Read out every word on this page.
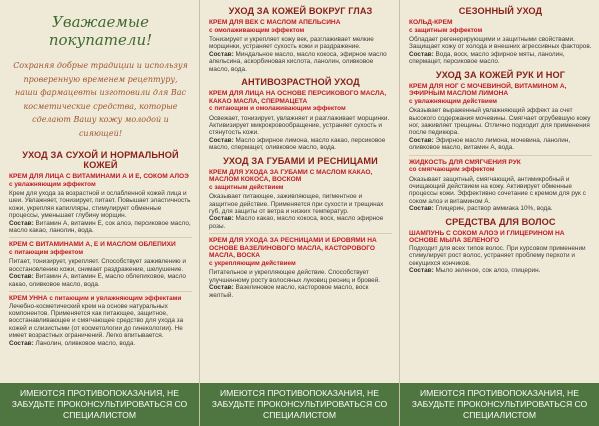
Уважаемые покупатели!
Сохраняя добрые традиции и используя проверенную временем рецептуру, наши фармацевты изготовили для Вас косметические средства, которые сделают Вашу кожу молодой и сияющей!
УХОД ЗА СУХОЙ И НОРМАЛЬНОЙ КОЖЕЙ
КРЕМ ДЛЯ ЛИЦА С ВИТАМИНАМИ А И Е, СОКОМ АЛОЭ
с увлажняющим эффектом
Крем для ухода за возрастной и ослабленной кожей лица и шеи. Увлажняет, тонизирует, питает. Повышает эластичность кожи, укрепляя капилляры, стимулирует обменные процессы, уменьшает глубину морщин.
Состав: Витамин А, витамин Е, сок алоэ, персиковое масло, масло какао, ланолин, вода.
КРЕМ С ВИТАМИНАМИ А, Е И МАСЛОМ ОБЛЕПИХИ
с питающим эффектом
Питает, тонизирует, укрепляет. Способствует заживлению и восстановлению кожи, снимает раздражение, шелушение.
Состав: Витамин А, витамин Е, масло облепиховое, масло какао, оливковое масло, вода.
КРЕМ УННА с питающим и увлажняющим эффектами
Лечебно-косметический крем на основе натуральных компонентов. Применяется как питающее, защитное, восстанавливающее и смягчающее средство для ухода за кожей и слизистыми (от косметологии до гинекологии). Не имеет возрастных ограничений. Легко впитывается.
Состав: Ланолин, оливковое масло, вода.
ИМЕЮТСЯ ПРОТИВОПОКАЗАНИЯ, НЕ ЗАБУДЬТЕ ПРОКОНСУЛЬТИРОВАТЬСЯ СО СПЕЦИАЛИСТОМ
УХОД ЗА КОЖЕЙ ВОКРУГ ГЛАЗ
КРЕМ ДЛЯ ВЕК С МАСЛОМ АПЕЛЬСИНА
с омолаживающим эффектом
Тонизирует и укрепляет кожу век, разглаживает мелкие морщинки, устраняет сухость кожи и раздражение.
Состав: Миндальное масло, масло кокоса, эфирное масло апельсина, аскорбиновая кислота, ланолин, оливковое масло, вода.
АНТИВОЗРАСТНОЙ УХОД
КРЕМ ДЛЯ ЛИЦА НА ОСНОВЕ ПЕРСИКОВОГО МАСЛА, КАКАО МАСЛА, СПЕРМАЦЕТА
с питающим и омолаживающим эффектом
Освежает, тонизирует, увлажняет и разглаживает морщинки. Активизирует микрокровообращение, устраняет сухость и стянутость кожи.
Состав: Масло эфирное лимона, масло какао, персиковое масло, спермацет, оливковое масло, вода.
УХОД ЗА ГУБАМИ И РЕСНИЦАМИ
КРЕМ ДЛЯ УХОДА ЗА ГУБАМИ С МАСЛОМ КАКАО, МАСЛОМ КОКОСА, ВОСКОМ
с защитным действием
Оказывает питающее, заживляющее, пигментное и защитное действие. Применяется при сухости и трещинах губ, для защиты от ветра и низких температур.
Состав: Масло какао, масло кокоса, воск, масло эфирное розы.
КРЕМ ДЛЯ УХОДА ЗА РЕСНИЦАМИ И БРОВЯМИ НА ОСНОВЕ ВАЗЕЛИНОВОГО МАСЛА, КАСТОРОВОГО МАСЛА, ВОСКА
с укрепляющим действием
Питательное и укрепляющее действие. Способствует улучшенному росту волосяных луковиц ресниц и бровей.
Состав: Вазелиновое масло, касторовое масло, воск желтый.
ИМЕЮТСЯ ПРОТИВОПОКАЗАНИЯ, НЕ ЗАБУДЬТЕ ПРОКОНСУЛЬТИРОВАТЬСЯ СО СПЕЦИАЛИСТОМ
СЕЗОННЫЙ УХОД
КОЛЬД-КРЕМ
с защитным эффектом
Обладает регенерирующими и защитными свойствами. Защищает кожу от холода и внешних агрессивных факторов.
Состав: Вода, воск, масло эфирное мяты, ланолин, спермацет, персиковое масло.
УХОД ЗА КОЖЕЙ РУК И НОГ
КРЕМ ДЛЯ НОГ С МОЧЕВИНОЙ, ВИТАМИНОМ А, ЭФИРНЫМ МАСЛОМ ЛИМОНА
с увлажняющим действием
Оказывает выраженный увлажняющий эффект за счет высокого содержания мочевины. Смягчает огрубевшую кожу ног, заживляет трещины. Отлично подходит для применения после педикюра.
Состав: Эфирное масло лимона, мочевина, ланолин, оливковое масло, витамин А, вода.
ЖИДКОСТЬ ДЛЯ СМЯГЧЕНИЯ РУК
со смягчающим эффектом
Оказывает защитный, смягчающий, антимикробный и очищающий действием на кожу. Активирует обменные процессы кожи. Эффективно сочетание с кремом для рук с соком алоэ и витамином А.
Состав: Глицерин, раствор аммиака 10%, вода.
СРЕДСТВА ДЛЯ ВОЛОС
ШАМПУНЬ С СОКОМ АЛОЭ И ГЛИЦЕРИНОМ НА ОСНОВЕ МЫЛА ЗЕЛЕНОГО
Подходит для всех типов волос. При курсовом применении стимулирует рост волос, устраняет проблему перхоти и секущихся кончиков.
Состав: Мыло зеленое, сок алоэ, глицерин.
ИМЕЮТСЯ ПРОТИВОПОКАЗАНИЯ, НЕ ЗАБУДЬТЕ ПРОКОНСУЛЬТИРОВАТЬСЯ СО СПЕЦИАЛИСТОМ
